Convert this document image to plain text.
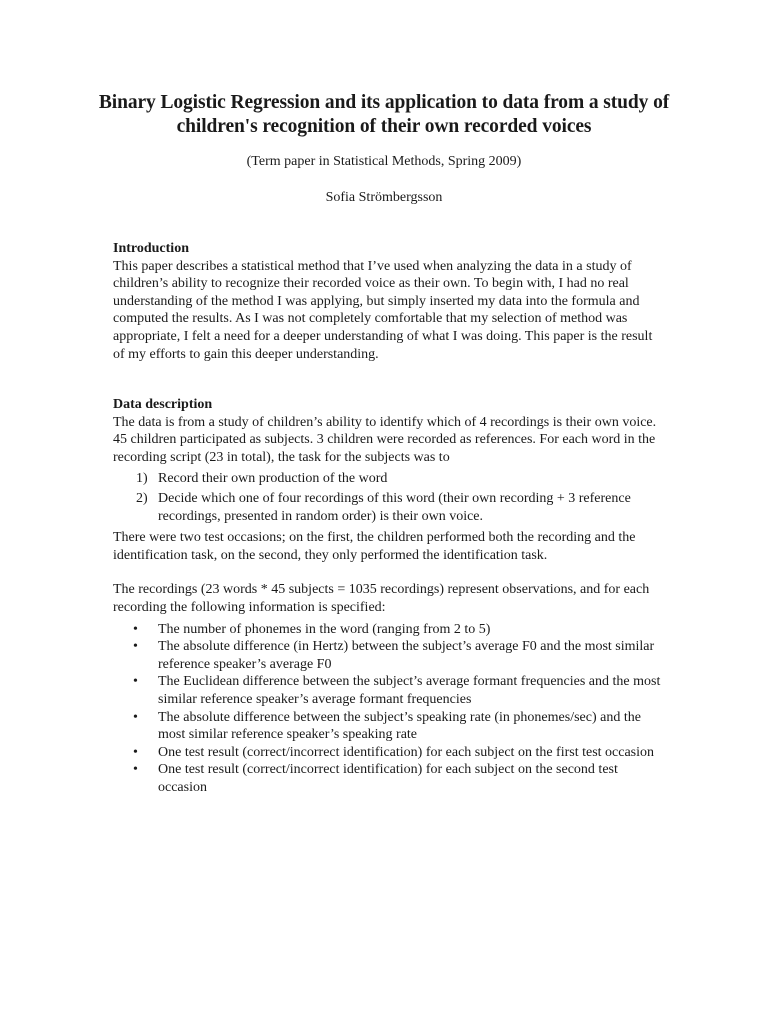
Binary Logistic Regression and its application to data from a study of children's recognition of their own recorded voices
(Term paper in Statistical Methods, Spring 2009)
Sofia Strömbergsson

Introduction

This paper describes a statistical method that I’ve used when analyzing the data in a study of children’s ability to recognize their recorded voice as their own. To begin with, I had no real understanding of the method I was applying, but simply inserted my data into the formula and computed the results. As I was not completely comfortable that my selection of method was appropriate, I felt a need for a deeper understanding of what I was doing. This paper is the result of my efforts to gain this deeper understanding.

Data description

The data is from a study of children’s ability to identify which of 4 recordings is their own voice. 45 children participated as subjects. 3 children were recorded as references. For each word in the recording script (23 in total), the task for the subjects was to

1) Record their own production of the word
2) Decide which one of four recordings of this word (their own recording + 3 reference recordings, presented in random order) is their own voice.

There were two test occasions; on the first, the children performed both the recording and the identification task, on the second, they only performed the identification task.

The recordings (23 words * 45 subjects = 1035 recordings) represent observations, and for each recording the following information is specified:

• The number of phonemes in the word (ranging from 2 to 5)
• The absolute difference (in Hertz) between the subject’s average F0 and the most similar reference speaker’s average F0
• The Euclidean difference between the subject’s average formant frequencies and the most similar reference speaker’s average formant frequencies
• The absolute difference between the subject’s speaking rate (in phonemes/sec) and the most similar reference speaker’s speaking rate
• One test result (correct/incorrect identification) for each subject on the first test occasion
• One test result (correct/incorrect identification) for each subject on the second test occasion
